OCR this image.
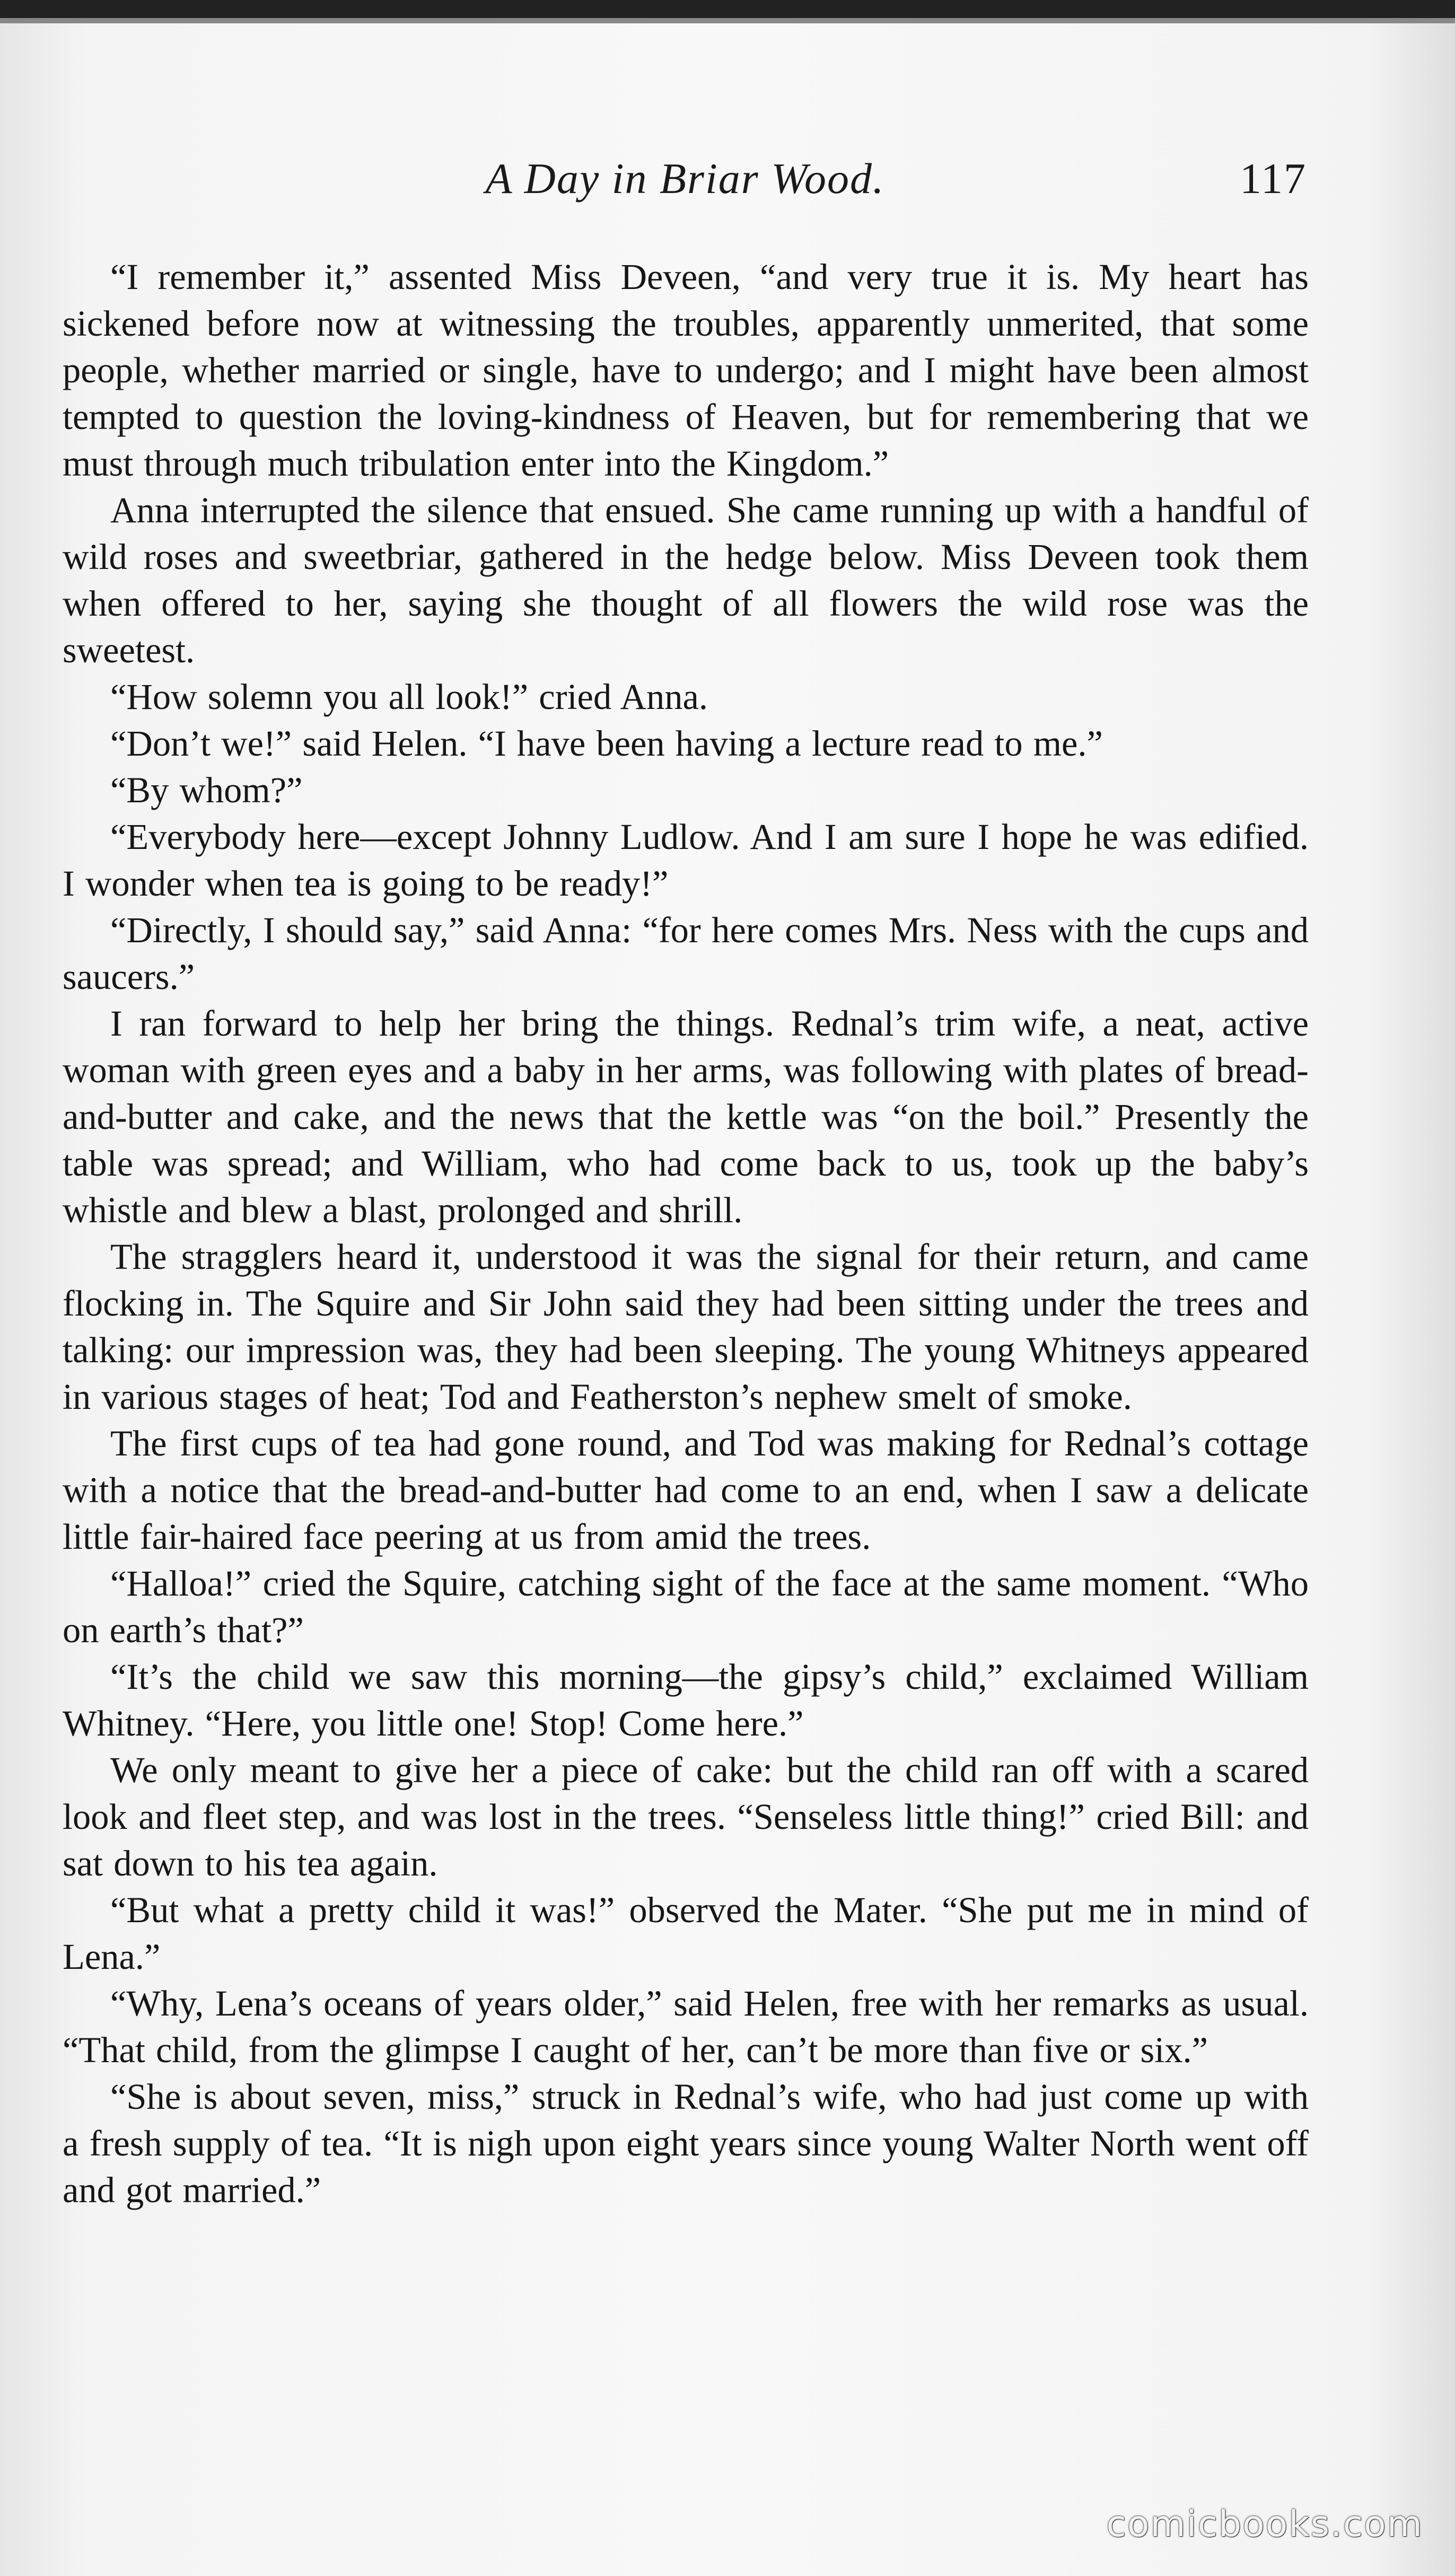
A Day in Briar Wood.	117

“I remember it,” assented Miss Deveen, “and very true it is. My heart has sickened before now at witnessing the troubles, apparently unmerited, that some people, whether married or single, have to undergo; and I might have been almost tempted to question the loving-kindness of Heaven, but for remembering that we must through much tribulation enter into the Kingdom.”

Anna interrupted the silence that ensued. She came running up with a handful of wild roses and sweetbriar, gathered in the hedge below. Miss Deveen took them when offered to her, saying she thought of all flowers the wild rose was the sweetest.

“How solemn you all look!” cried Anna.

“Don’t we!” said Helen. “I have been having a lecture read to me.”

“By whom?”

“Everybody here—except Johnny Ludlow. And I am sure I hope he was edified. I wonder when tea is going to be ready!”

“Directly, I should say,” said Anna: “for here comes Mrs. Ness with the cups and saucers.”

I ran forward to help her bring the things. Rednal’s trim wife, a neat, active woman with green eyes and a baby in her arms, was following with plates of bread-and-butter and cake, and the news that the kettle was “on the boil.” Presently the table was spread; and William, who had come back to us, took up the baby’s whistle and blew a blast, prolonged and shrill.

The stragglers heard it, understood it was the signal for their return, and came flocking in. The Squire and Sir John said they had been sitting under the trees and talking: our impression was, they had been sleeping. The young Whitneys appeared in various stages of heat; Tod and Featherston’s nephew smelt of smoke.

The first cups of tea had gone round, and Tod was making for Rednal’s cottage with a notice that the bread-and-butter had come to an end, when I saw a delicate little fair-haired face peering at us from amid the trees.

“Halloa!” cried the Squire, catching sight of the face at the same moment. “Who on earth’s that?”

“It’s the child we saw this morning—the gipsy’s child,” exclaimed William Whitney. “Here, you little one! Stop! Come here.”

We only meant to give her a piece of cake: but the child ran off with a scared look and fleet step, and was lost in the trees. “Senseless little thing!” cried Bill: and sat down to his tea again.

“But what a pretty child it was!” observed the Mater. “She put me in mind of Lena.”

“Why, Lena’s oceans of years older,” said Helen, free with her remarks as usual. “That child, from the glimpse I caught of her, can’t be more than five or six.”

“She is about seven, miss,” struck in Rednal’s wife, who had just come up with a fresh supply of tea. “It is nigh upon eight years since young Walter North went off and got married.”

comicbooks.com
